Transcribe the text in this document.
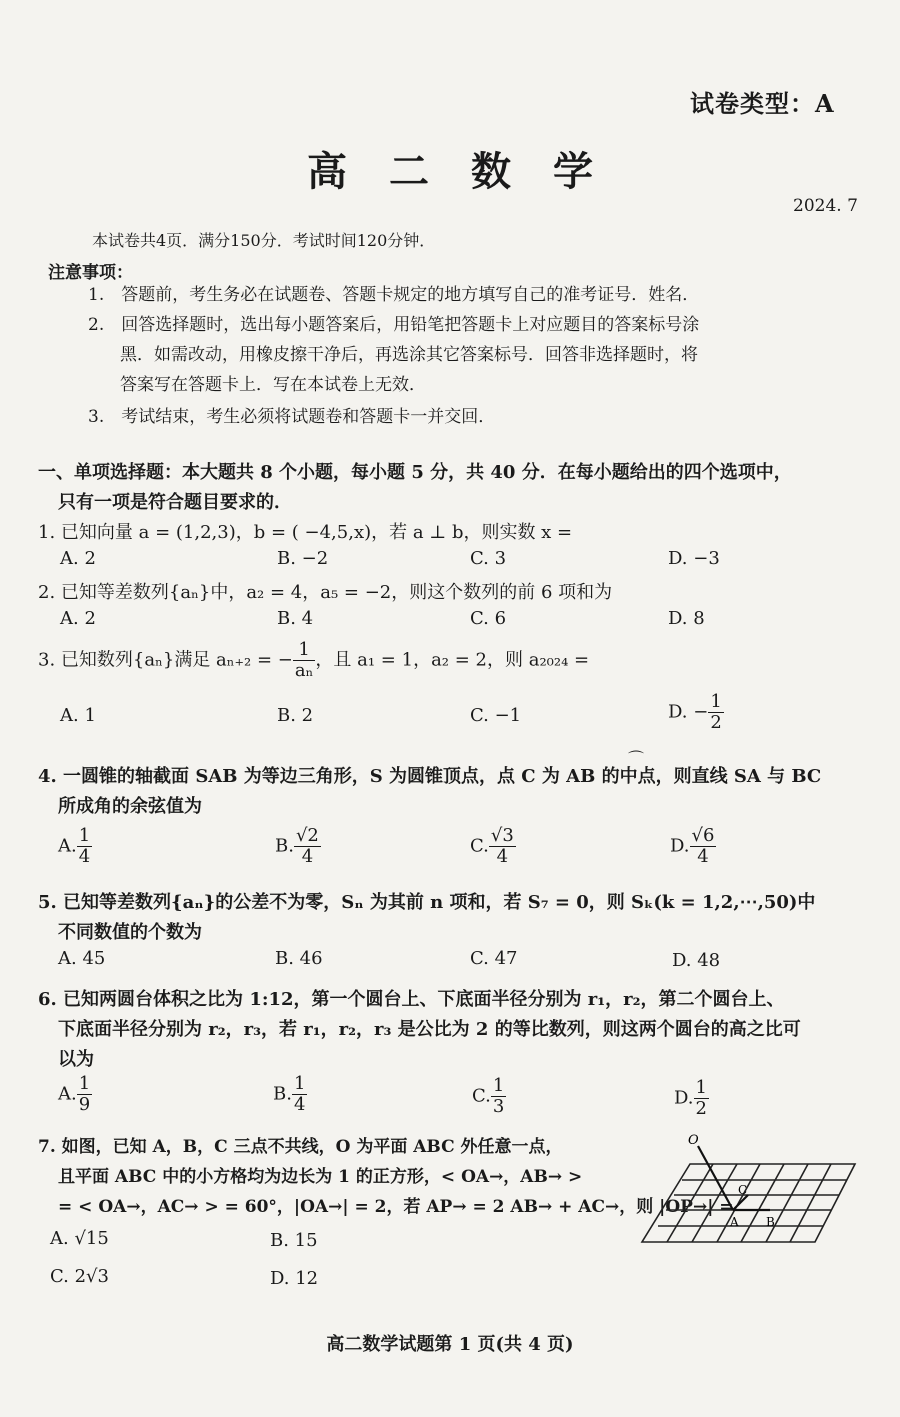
试卷类型：A
高二数学
2024. 7
本试卷共4页．满分150分．考试时间120分钟．
注意事项：
1.　答题前，考生务必在试题卷、答题卡规定的地方填写自己的准考证号．姓名．
2.　回答选择题时，选出每小题答案后，用铅笔把答题卡上对应题目的答案标号涂
黑．如需改动，用橡皮擦干净后，再选涂其它答案标号．回答非选择题时，将
答案写在答题卡上．写在本试卷上无效．
3.　考试结束，考生必须将试题卷和答题卡一并交回．
一、单项选择题：本大题共 8 个小题，每小题 5 分，共 40 分．在每小题给出的四个选项中，
只有一项是符合题目要求的．
1. 已知向量 a = (1,2,3)，b = ( −4,5,x)，若 a ⊥ b，则实数 x =
A. 2	B. −2	C. 3	D. −3
2. 已知等差数列{aₙ}中，a₂ = 4，a₅ = −2，则这个数列的前 6 项和为
A. 2	B. 4	C. 6	D. 8
3. 已知数列{aₙ}满足 aₙ₊₂ = − $\frac{1}{\text{aₙ}}$ ，且 a₁ = 1，a₂ = 2，则 a₂₀₂₄ =
A. 1	B. 2	C. −1	D. − $\frac{1}{2}$
4. 一圆锥的轴截面 SAB 为等边三角形，S 为圆锥顶点，点 C 为 AB 的中点，则直线 SA 与 BC
⌒
所成角的余弦值为
A. $\frac{1}{4}$	B. $\frac{√2}{4}$	C. $\frac{√3}{4}$	D. $\frac{√6}{4}$
5. 已知等差数列{aₙ}的公差不为零，Sₙ 为其前 n 项和，若 S₇ = 0，则 Sₖ(k = 1,2,⋯,50)中
不同数值的个数为
A. 45	B. 46	C. 47	D. 48
6. 已知两圆台体积之比为 1:12，第一个圆台上、下底面半径分别为 r₁，r₂，第二个圆台上、
下底面半径分别为 r₂，r₃，若 r₁，r₂，r₃ 是公比为 2 的等比数列，则这两个圆台的高之比可
以为
A. $\frac{1}{9}$	B. $\frac{1}{4}$	C. $\frac{1}{3}$	D. $\frac{1}{2}$
7. 如图，已知 A，B，C 三点不共线，O 为平面 ABC 外任意一点，
且平面 ABC 中的小方格均为边长为 1 的正方形，< OA→，AB→ >
= < OA→，AC→ > = 60°，|OA→| = 2，若 AP→ = 2 AB→ + AC→，则 |OP→| =
A. √15	B. 15
C. 2√3	D. 12
O
A B
C
高二数学试题第 1 页(共 4 页)
